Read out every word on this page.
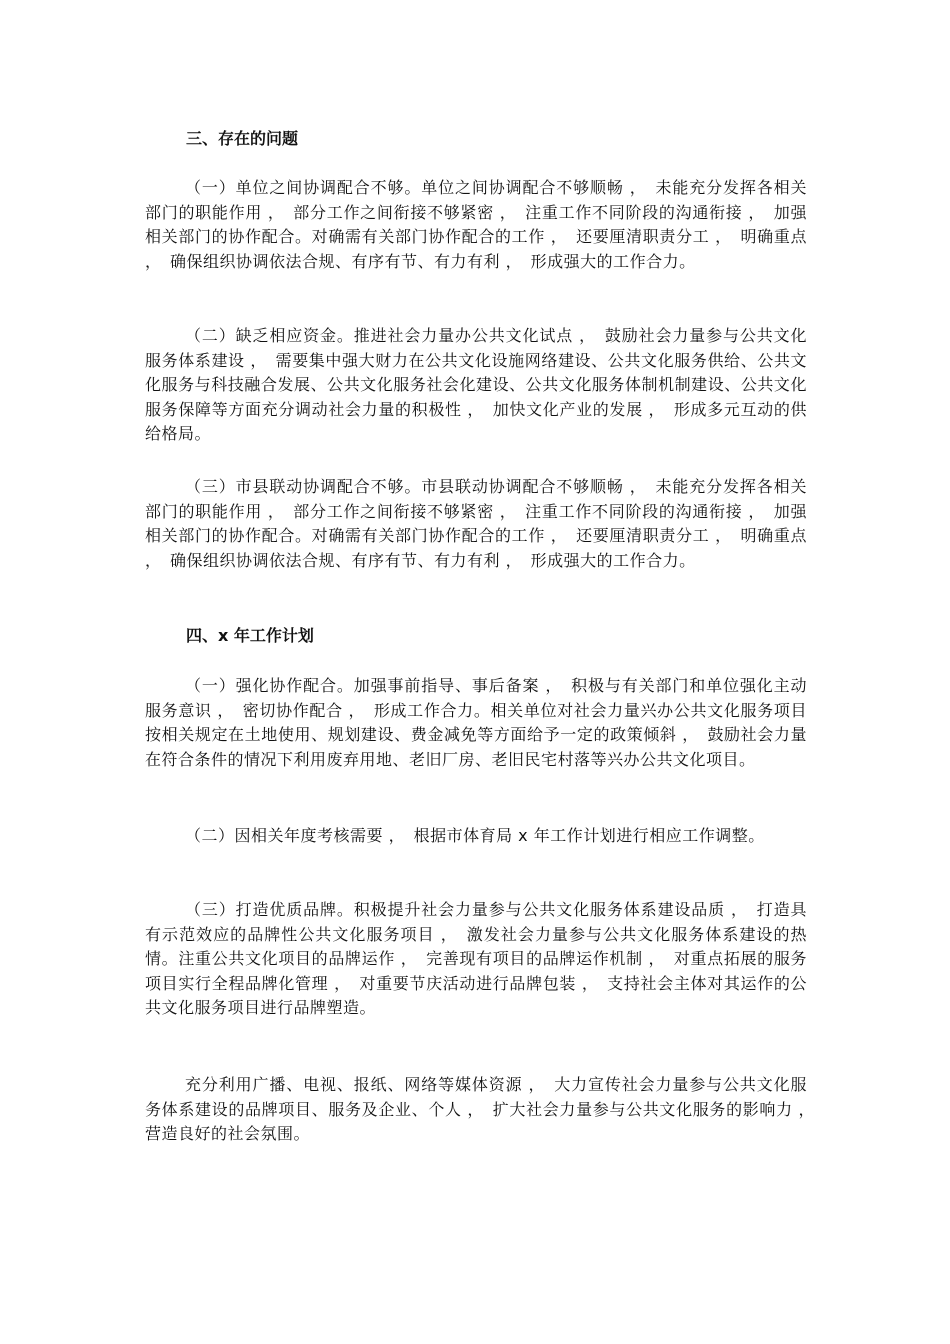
三、存在的问题

（一）单位之间协调配合不够。单位之间协调配合不够顺畅 ，　未能充分发挥各相关部门的职能作用 ，　部分工作之间衔接不够紧密 ，　注重工作不同阶段的沟通衔接 ，　加强相关部门的协作配合。对确需有关部门协作配合的工作 ，　还要厘清职责分工 ，　明确重点 ，　确保组织协调依法合规、有序有节、有力有利 ，　形成强大的工作合力。

（二）缺乏相应资金。推进社会力量办公共文化试点 ，　鼓励社会力量参与公共文化服务体系建设 ，　需要集中强大财力在公共文化设施网络建设、公共文化服务供给、公共文化服务与科技融合发展、公共文化服务社会化建设、公共文化服务体制机制建设、公共文化服务保障等方面充分调动社会力量的积极性 ，　加快文化产业的发展 ，　形成多元互动的供给格局。

（三）市县联动协调配合不够。市县联动协调配合不够顺畅 ，　未能充分发挥各相关部门的职能作用 ，　部分工作之间衔接不够紧密 ，　注重工作不同阶段的沟通衔接 ，　加强相关部门的协作配合。对确需有关部门协作配合的工作 ，　还要厘清职责分工 ，　明确重点 ，　确保组织协调依法合规、有序有节、有力有利 ，　形成强大的工作合力。

四、x 年工作计划

（一）强化协作配合。加强事前指导、事后备案 ，　积极与有关部门和单位强化主动服务意识 ，　密切协作配合 ，　形成工作合力。相关单位对社会力量兴办公共文化服务项目按相关规定在土地使用、规划建设、费金减免等方面给予一定的政策倾斜 ，　鼓励社会力量在符合条件的情况下利用废弃用地、老旧厂房、老旧民宅村落等兴办公共文化项目。

（二）因相关年度考核需要 ，　根据市体育局 x 年工作计划进行相应工作调整。

（三）打造优质品牌。积极提升社会力量参与公共文化服务体系建设品质 ，　打造具有示范效应的品牌性公共文化服务项目 ，　激发社会力量参与公共文化服务体系建设的热情。注重公共文化项目的品牌运作 ，　完善现有项目的品牌运作机制 ，　对重点拓展的服务项目实行全程品牌化管理 ，　对重要节庆活动进行品牌包装 ，　支持社会主体对其运作的公共文化服务项目进行品牌塑造。

充分利用广播、电视、报纸、网络等媒体资源 ，　大力宣传社会力量参与公共文化服务体系建设的品牌项目、服务及企业、个人 ，　扩大社会力量参与公共文化服务的影响力 ，　营造良好的社会氛围。
